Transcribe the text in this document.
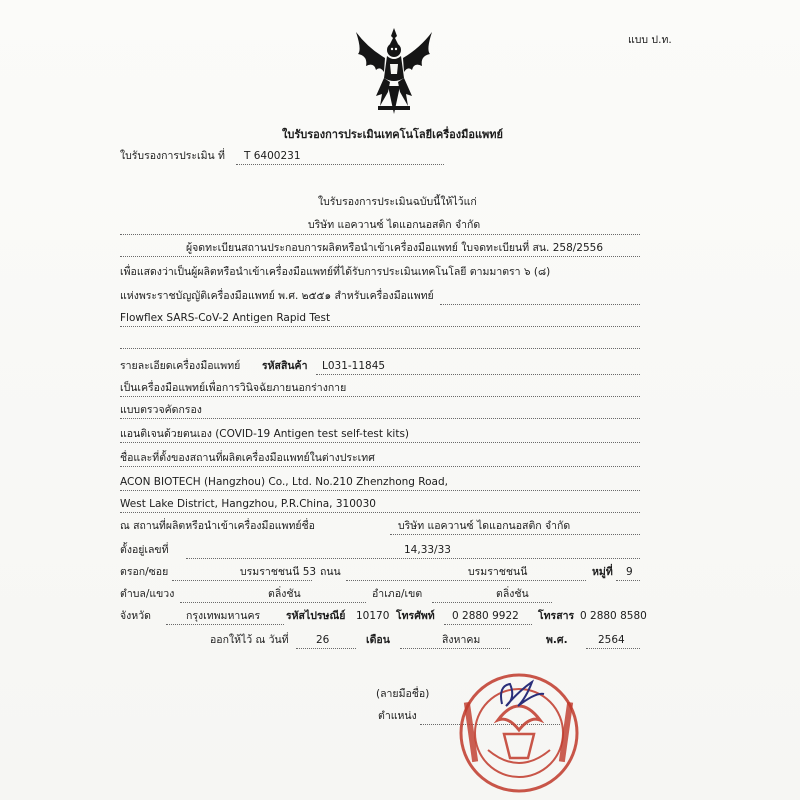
แบบ ป.ท.
ใบรับรองการประเมินเทคโนโลยีเครื่องมือแพทย์
ใบรับรองการประเมิน ที่ T 6400231
ใบรับรองการประเมินฉบับนี้ให้ไว้แก่
บริษัท แอควานซ์ ไดแอกนอสติก จำกัด
ผู้จดทะเบียนสถานประกอบการผลิตหรือนำเข้าเครื่องมือแพทย์ ใบจดทะเบียนที่ สน. 258/2556
เพื่อแสดงว่าเป็นผู้ผลิตหรือนำเข้าเครื่องมือแพทย์ที่ได้รับการประเมินเทคโนโลยี ตามมาตรา ๖ (๘)
แห่งพระราชบัญญัติเครื่องมือแพทย์ พ.ศ. ๒๕๕๑ สำหรับเครื่องมือแพทย์
Flowflex SARS-CoV-2 Antigen Rapid Test
รายละเอียดเครื่องมือแพทย์ รหัสสินค้า L031-11845
เป็นเครื่องมือแพทย์เพื่อการวินิจฉัยภายนอกร่างกาย
แบบตรวจคัดกรอง
แอนติเจนด้วยตนเอง (COVID-19 Antigen test self-test kits)
ชื่อและที่ตั้งของสถานที่ผลิตเครื่องมือแพทย์ในต่างประเทศ
ACON BIOTECH (Hangzhou) Co., Ltd. No.210 Zhenzhong Road,
West Lake District, Hangzhou, P.R.China, 310030
ณ สถานที่ผลิตหรือนำเข้าเครื่องมือแพทย์ชื่อ	บริษัท แอควานซ์ ไดแอกนอสติก จำกัด
ตั้งอยู่เลขที่	14,33/33
ตรอก/ซอย	บรมราชชนนี 53 ถนน	บรมราชชนนี	หมู่ที่ 9
ตำบล/แขวง	ตลิ่งชัน	อำเภอ/เขต	ตลิ่งชัน
จังหวัด	กรุงเทพมหานคร รหัสไปรษณีย์ 10170 โทรศัพท์ 0 2880 9922 โทรสาร 0 2880 8580
ออกให้ไว้ ณ วันที่	26	เดือน	สิงหาคม	พ.ศ.	2564
(ลายมือชื่อ)
ตำแหน่ง
